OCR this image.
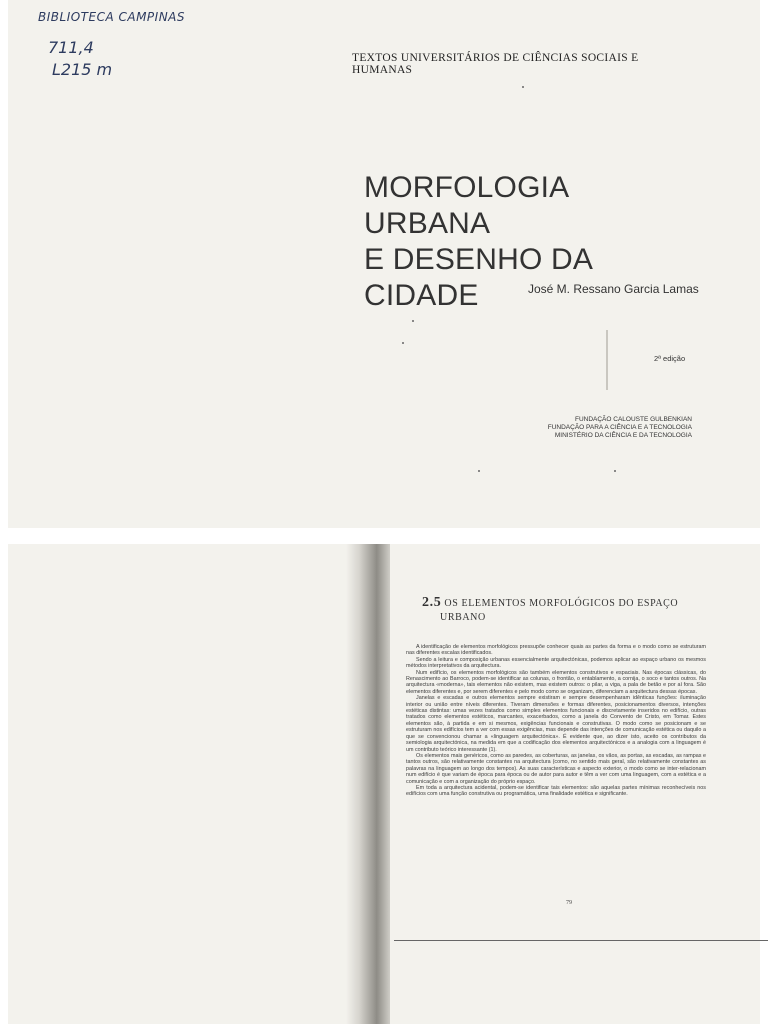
BIBLIOTECA CAMPINAS
711,4
L215 m
TEXTOS UNIVERSITÁRIOS DE CIÊNCIAS SOCIAIS E HUMANAS
MORFOLOGIA URBANA
E DESENHO DA CIDADE	José M. Ressano Garcia Lamas
2ª edição
FUNDAÇÃO CALOUSTE GULBENKIAN
FUNDAÇÃO PARA A CIÊNCIA E A TECNOLOGIA
MINISTÉRIO DA CIÊNCIA E DA TECNOLOGIA
2.5 OS ELEMENTOS MORFOLÓGICOS DO ESPAÇO
URBANO

A identificação de elementos morfológicos pressupõe conhecer quais as partes da forma e o modo como se estruturam nas diferentes escalas identificados.

Sendo a leitura e composição urbanas essencialmente arquitectónicas, podemos aplicar ao espaço urbano os mesmos métodos interpretativos da arquitectura.

Num edifício, os elementos morfológicos são também elementos construtivos e espaciais. Nas épocas clássicas, do Renascimento ao Barroco, podem-se identificar as colunas, o frontão, o entablamento, a cornija, o soco e tantos outros. Na arquitectura «moderna», tais elementos não existem, mas existem outros: o pilar, a viga, a pala de betão e por aí fora. São elementos diferentes e, por serem diferentes e pelo modo como se organizam, diferenciam a arquitectura dessas épocas.

Janelas e escadas e outros elementos sempre existiram e sempre desempenharam idênticas funções: iluminação interior ou união entre níveis diferentes. Tiveram dimensões e formas diferentes, posicionamentos diversos, intenções estéticas distintas: umas vezes tratados como simples elementos funcionais e discretamente inseridos no edifício, outras tratados como elementos estéticos, marcantes, exacerbados, como a janela do Convento de Cristo, em Tomar. Estes elementos são, à partida e em si mesmos, exigências funcionais e construtivas. O modo como se posicionam e se estruturam nos edifícios tem a ver com essas exigências, mas depende das intenções de comunicação estética ou daquilo a que se convencionou chamar a «linguagem arquitectónica». É evidente que, ao dizer isto, aceito os contributos da semiologia arquitectónica, na medida em que a codificação dos elementos arquitectónicos e a analogia com a linguagem é um contributo teórico interessante (1).

Os elementos mais genéricos, como as paredes, as coberturas, as janelas, os vãos, as portas, as escadas, as rampas e tantos outros, são relativamente constantes na arquitectura (como, no sentido mais geral, são relativamente constantes as palavras na linguagem ao longo dos tempos). As suas características e aspecto exterior, o modo como se inter-relacionam num edifício é que variam de época para época ou de autor para autor e têm a ver com uma linguagem, com a estética e a comunicação e com a organização do próprio espaço.

Em toda a arquitectura acidental, podem-se identificar tais elementos: são aquelas partes mínimas reconhecíveis nos edifícios com uma função construtiva ou programática, uma finalidade estética e significante.

79
